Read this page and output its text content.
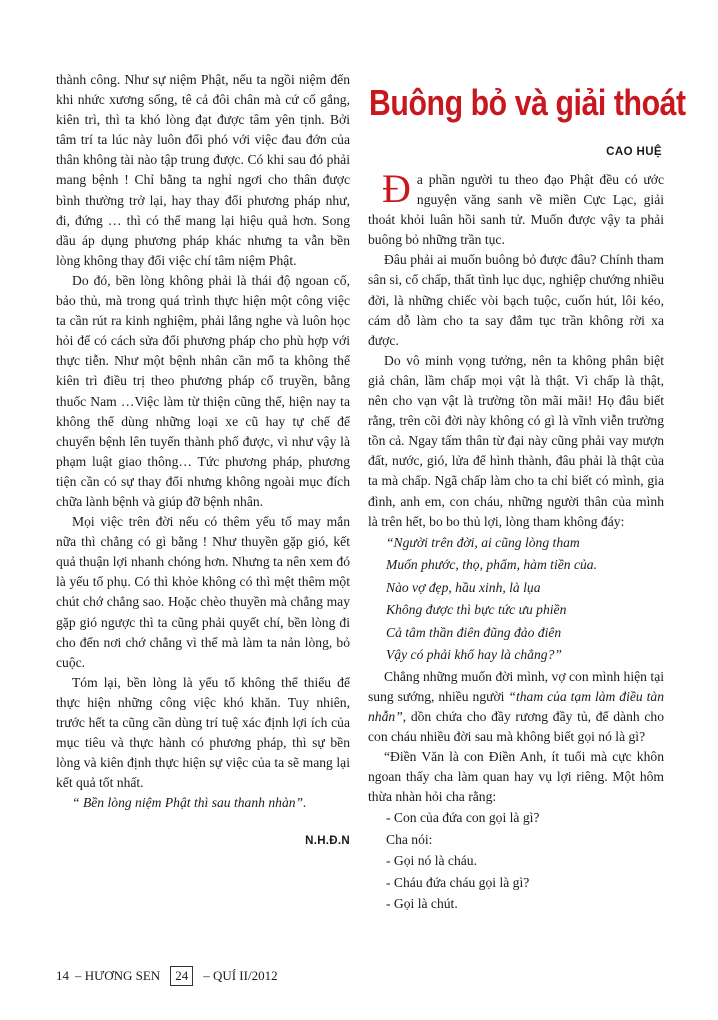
thành công. Như sự niệm Phật, nếu ta ngồi niệm đến khi nhức xương sống, tê cả đôi chân mà cứ cố gắng, kiên trì, thì ta khó lòng đạt được tâm yên tịnh. Bởi tâm trí ta lúc này luôn đối phó với việc đau đớn của thân không tài nào tập trung được. Có khi sau đó phải mang bệnh ! Chỉ bằng ta nghỉ ngơi cho thân được bình thường trở lại, hay thay đổi phương pháp như, đi, đứng … thì có thể mang lại hiệu quả hơn. Song dầu áp dụng phương pháp khác nhưng ta vẫn bền lòng không thay đổi việc chí tâm niệm Phật.

Do đó, bền lòng không phải là thái độ ngoan cố, bảo thủ, mà trong quá trình thực hiện một công việc ta cần rút ra kinh nghiệm, phải lắng nghe và luôn học hỏi để có cách sửa đổi phương pháp cho phù hợp với thực tiễn. Như một bệnh nhân cần mổ ta không thể kiên trì điều trị theo phương pháp cổ truyền, bằng thuốc Nam …Việc làm từ thiện cũng thế, hiện nay ta không thể dùng những loại xe cũ hay tự chế để chuyển bệnh lên tuyến thành phố được, vì như vậy là phạm luật giao thông… Tức phương pháp, phương tiện cần có sự thay đổi nhưng không ngoài mục đích chữa lành bệnh và giúp đỡ bệnh nhân.

Mọi việc trên đời nếu có thêm yếu tố may mắn nữa thì chẳng có gì bằng ! Như thuyền gặp gió, kết quả thuận lợi nhanh chóng hơn. Nhưng ta nên xem đó là yếu tố phụ. Có thì khỏe không có thì mệt thêm một chút chớ chẳng sao. Hoặc chèo thuyền mà chẳng may gặp gió ngược thì ta cũng phải quyết chí, bền lòng đi cho đến nơi chớ chẳng vì thế mà làm ta nản lòng, bỏ cuộc.

Tóm lại, bền lòng là yếu tố không thể thiếu để thực hiện những công việc khó khăn. Tuy nhiên, trước hết ta cũng cần dùng trí tuệ xác định lợi ích của mục tiêu và thực hành có phương pháp, thì sự bền lòng và kiên định thực hiện sự việc của ta sẽ mang lại kết quả tốt nhất.

“ Bền lòng niệm Phật thì sau thanh nhàn”.

N.H.Đ.N

Buông bỏ và giải thoát
CAO HUỆ

Đa phần người tu theo đạo Phật đều có ước nguyện văng sanh về miền Cực Lạc, giải thoát khỏi luân hồi sanh tử. Muốn được vậy ta phải buông bỏ những trần tục.

Đâu phải ai muốn buông bỏ được đâu? Chính tham sân si, cố chấp, thất tình lục dục, nghiệp chướng nhiều đời, là những chiếc vòi bạch tuộc, cuốn hút, lôi kéo, cám dỗ làm cho ta say đắm tục trần không rời xa được.

Do vô minh vọng tưởng, nên ta không phân biệt giả chân, lầm chấp mọi vật là thật. Vì chấp là thật, nên cho vạn vật là trường tồn mãi mãi! Họ đâu biết rằng, trên cõi đời này không có gì là vĩnh viễn trường tồn cả. Ngay tấm thân từ đại này cũng phải vay mượn đất, nước, gió, lửa để hình thành, đâu phải là thật của ta mà chấp. Ngã chấp làm cho ta chỉ biết có mình, gia đình, anh em, con cháu, những người thân của mình là trên hết, bo bo thủ lợi, lòng tham không đáy:

“Người trên đời, ai cũng lòng tham
Muốn phước, thọ, phẩm, hàm tiền của.
Nào vợ đẹp, hầu xinh, là lụa
Không được thì bực tức ưu phiền
Cả tâm thần điên đũng đảo điên
Vậy có phải khổ hay là chẳng?”

Chẳng những muốn đời mình, vợ con mình hiện tại sung sướng, nhiều người “tham của tạm làm điều tàn nhẫn”, dồn chứa cho đầy rương đầy tủ, để dành cho con cháu nhiều đời sau mà không biết gọi nó là gì?

“Điền Văn là con Điền Anh, ít tuổi mà cực khôn ngoan thấy cha làm quan hay vụ lợi riêng. Một hôm thừa nhàn hỏi cha rằng:

- Con của đứa con gọi là gì?
Cha nói:
- Gọi nó là cháu.
- Cháu đứa cháu gọi là gì?
- Gọi là chút.
14 – HƯƠNG SEN	24	– QUÍ II/2012
